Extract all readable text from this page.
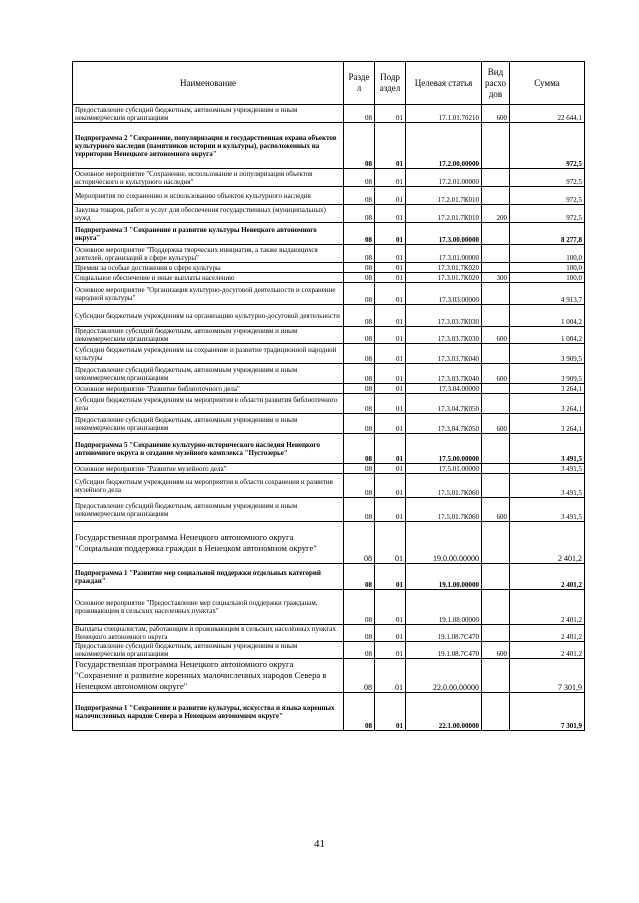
Наименование	Разде л	Подр аздел	Целевая статья	Вид расхо дов	Сумма
Предоставление субсидий бюджетным, автономным учреждениям и иным некоммерческим организациям	08	01	17.1.01.70210	600	22 644,1
Подпрограмма 2 "Сохранение, популяризация и государственная охрана объектов культурного наследия (памятников истории и культуры), расположенных на территории Ненецкого автономного округа"	08	01	17.2.00.00000		972,5
Основное мероприятие "Сохранение, использование и популяризация объектов исторического и культурного наследия"	08	01	17.2.01.00000		972,5
Мероприятия по сохранению и использованию объектов культурного наследия	08	01	17.2.01.7К010		972,5
Закупка товаров, работ и услуг для обеспечения государственных (муниципальных) нужд	08	01	17.2.01.7К010	200	972,5
Подпрограмма 3 "Сохранение и развитие культуры Ненецкого автономного округа"	08	01	17.3.00.00000		8 277,8
Основное мероприятие "Поддержка творческих инициатив, а также выдающихся деятелей, организаций в сфере культуры"	08	01	17.3.01.00000		100,0
Премии за особые достижения в сфере культуры	08	01	17.3.01.7К020		100,0
Социальное обеспечение и иные выплаты населению	08	01	17.3.01.7К020	300	100,0
Основное мероприятие "Организация культурно-досуговой деятельности и сохранение народной культуры"	08	01	17.3.03.00000		4 913,7
Субсидии бюджетным учреждениям на организацию культурно-досуговой деятельности	08	01	17.3.03.7К030		1 004,2
Предоставление субсидий бюджетным, автономным учреждениям и иным некоммерческим организациям	08	01	17.3.03.7К030	600	1 004,2
Субсидии бюджетным учреждениям на сохранение и развитие традиционной народной культуры	08	01	17.3.03.7К040		3 909,5
Предоставление субсидий бюджетным, автономным учреждениям и иным некоммерческим организациям	08	01	17.3.03.7К040	600	3 909,5
Основное мероприятие "Развитие библиотечного дела"	08	01	17.3.04.00000		3 264,1
Субсидии бюджетным учреждениям на мероприятия в области развития библиотечного дела	08	01	17.3.04.7К050		3 264,1
Предоставление субсидий бюджетным, автономным учреждениям и иным некоммерческим организациям	08	01	17.3.04.7К050	600	3 264,1
Подпрограмма 5 "Сохранение культурно-исторического наследия Ненецкого автономного округа и создание музейного комплекса "Пустозерье"	08	01	17.5.00.00000		3 491,5
Основное мероприятие "Развитие музейного дела"	08	01	17.5.01.00000		3 491,5
Субсидии бюджетным учреждениям на мероприятия в области сохранения и развития музейного дела	08	01	17.5.01.7К060		3 491,5
Предоставление субсидий бюджетным, автономным учреждениям и иным некоммерческим организациям	08	01	17.5.01.7К060	600	3 491,5
Государственная программа Ненецкого автономного округа "Социальная поддержка граждан в Ненецком автономном округе"	08	01	19.0.00.00000		2 401,2
Подпрограмма 1 "Развитие мер социальной поддержки отдельных категорий граждан"	08	01	19.1.00.00000		2 401,2
Основное мероприятие "Предоставление мер социальной поддержки гражданам, проживающим в сельских населенных пунктах"	08	01	19.1.08.00000		2 401,2
Выплаты специалистам, работающим и проживающим в сельских населённых пунктах Ненецкого автономного округа	08	01	19.1.08.7С470		2 401,2
Предоставление субсидий бюджетным, автономным учреждениям и иным некоммерческим организациям	08	01	19.1.08.7С470	600	2 401,2
Государственная программа Ненецкого автономного округа "Сохранение и развитие коренных малочисленных народов Севера в Ненецком автономном округе"	08	01	22.0.00.00000		7 301,9
Подпрограмма 1 "Сохранение и развитие культуры, искусства и языка коренных малочисленных народов Севера в Ненецком автономном округе"	08	01	22.1.00.00000		7 301,9
41
